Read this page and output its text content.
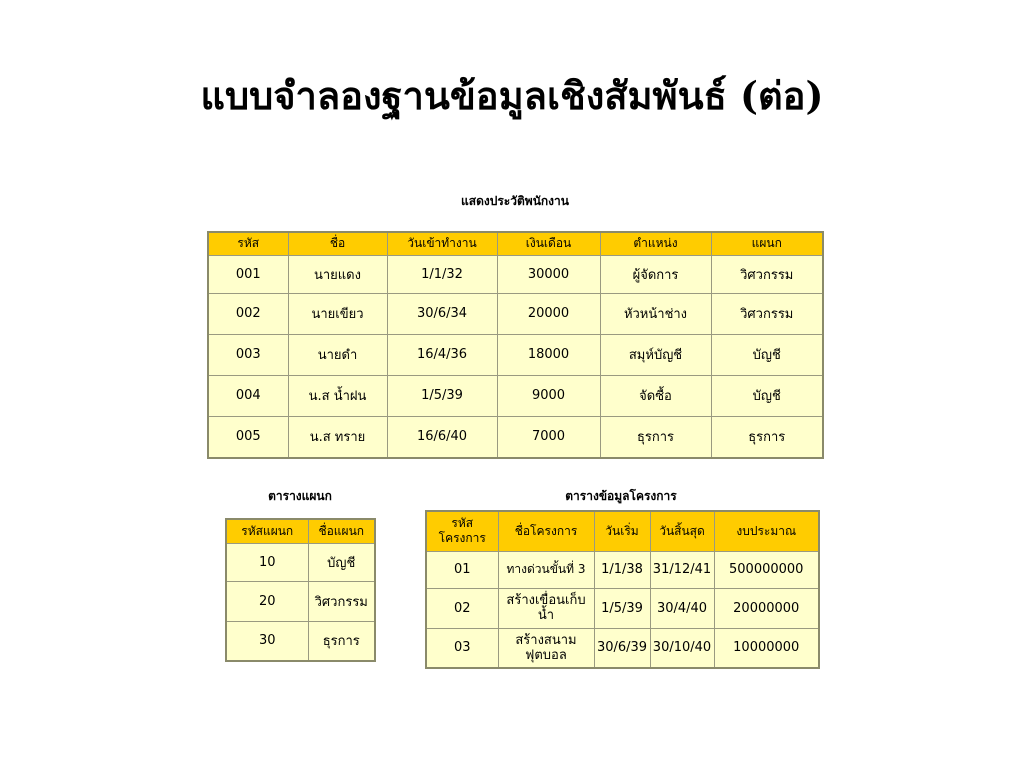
แบบจำลองฐานข้อมูลเชิงสัมพันธ์ (ต่อ)
แสดงประวัติพนักงาน
รหัส	ชื่อ	วันเข้าทำงาน	เงินเดือน	ตำแหน่ง	แผนก
001	นายแดง	1/1/32	30000	ผู้จัดการ	วิศวกรรม
002	นายเขียว	30/6/34	20000	หัวหน้าช่าง	วิศวกรรม
003	นายดำ	16/4/36	18000	สมุห์บัญชี	บัญชี
004	น.ส น้ำฝน	1/5/39	9000	จัดซื้อ	บัญชี
005	น.ส ทราย	16/6/40	7000	ธุรการ	ธุรการ
ตารางแผนก
รหัสแผนก	ชื่อแผนก
10	บัญชี
20	วิศวกรรม
30	ธุรการ
ตารางข้อมูลโครงการ
รหัส โครงการ	ชื่อโครงการ	วันเริ่ม	วันสิ้นสุด	งบประมาณ
01	ทางด่วนขั้นที่ 3	1/1/38	31/12/41	500000000
02	สร้างเขื่อนเก็บน้ำ	1/5/39	30/4/40	20000000
03	สร้างสนามฟุตบอล	30/6/39	30/10/40	10000000
